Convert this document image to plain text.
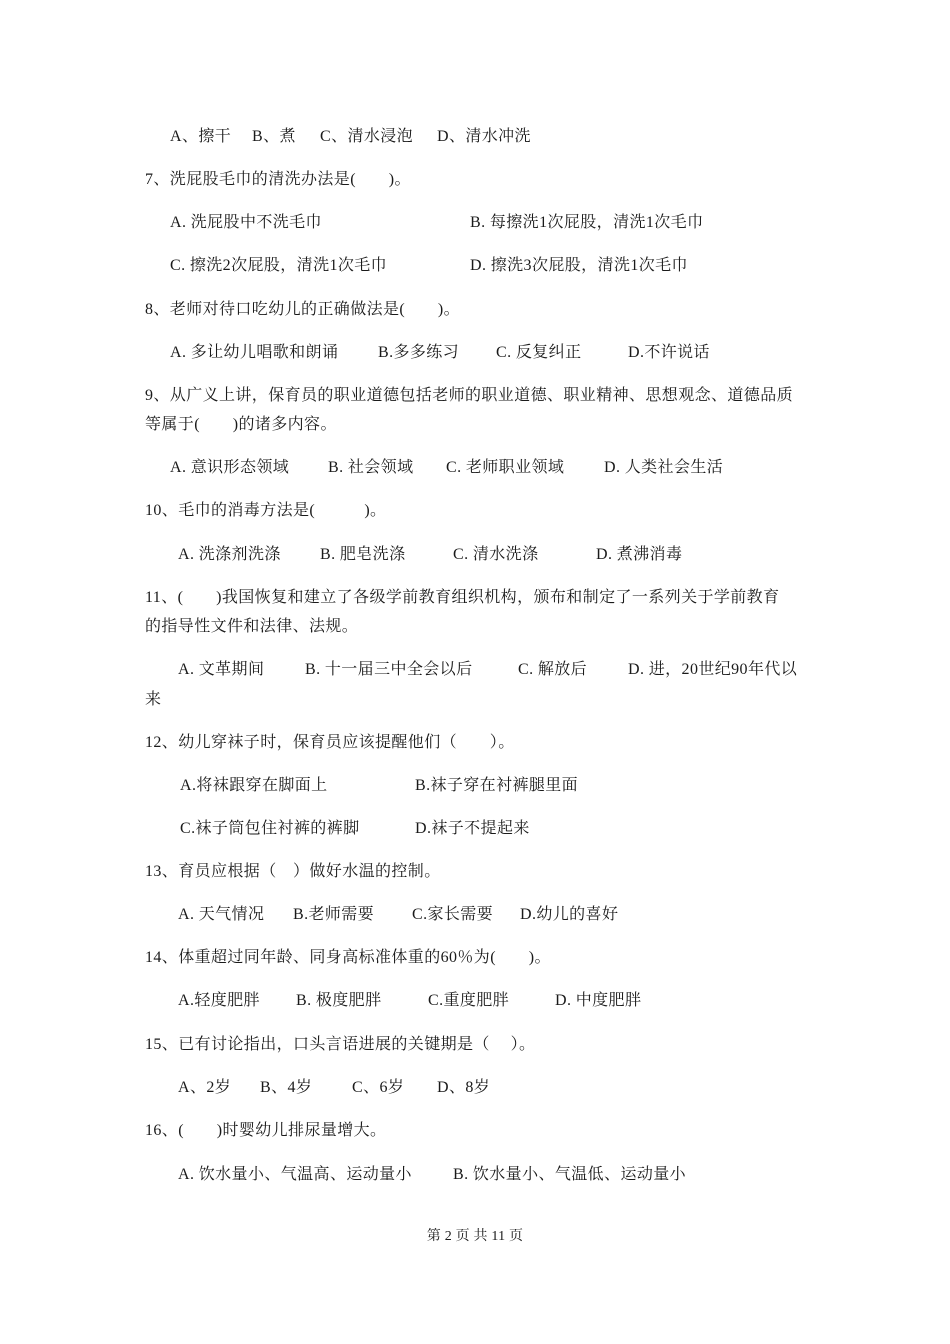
A、擦干 B、煮 C、清水浸泡 D、清水冲洗
7、洗屁股毛巾的清洗办法是(　　)。
A. 洗屁股中不洗毛巾	B. 每擦洗1次屁股，清洗1次毛巾
C. 擦洗2次屁股，清洗1次毛巾	D. 擦洗3次屁股，清洗1次毛巾
8、老师对待口吃幼儿的正确做法是(　　)。
A. 多让幼儿唱歌和朗诵 B.多多练习 C. 反复纠正	D.不许说话
9、从广义上讲，保育员的职业道德包括老师的职业道德、职业精神、思想观念、道德品质
等属于(　　)的诸多内容。
A. 意识形态领域 B. 社会领域 C. 老师职业领域 D. 人类社会生活
10、毛巾的消毒方法是(　　　)。
A. 洗涤剂洗涤 B. 肥皂洗涤	C. 清水洗涤	D. 煮沸消毒
11、(　　)我国恢复和建立了各级学前教育组织机构，颁布和制定了一系列关于学前教育
的指导性文件和法律、法规。
A. 文革期间	B. 十一届三中全会以后	C. 解放后	D. 进，20世纪90年代以
来
12、幼儿穿袜子时，保育员应该提醒他们（　　）。
A.将袜跟穿在脚面上	B.袜子穿在衬裤腿里面
C.袜子筒包住衬裤的裤脚	D.袜子不提起来
13、育员应根据（　）做好水温的控制。
A. 天气情况 B.老师需要 C.家长需要 D.幼儿的喜好
14、体重超过同年龄、同身高标准体重的60％为(　　)。
A.轻度肥胖 B. 极度肥胖	C.重度肥胖	D. 中度肥胖
15、已有讨论指出，口头言语进展的关键期是（　 ）。
A、2岁 B、4岁 C、6岁 D、8岁
16、(　　)时婴幼儿排尿量增大。
A. 饮水量小、气温高、运动量小	B. 饮水量小、气温低、运动量小
第 2 页 共 11 页
